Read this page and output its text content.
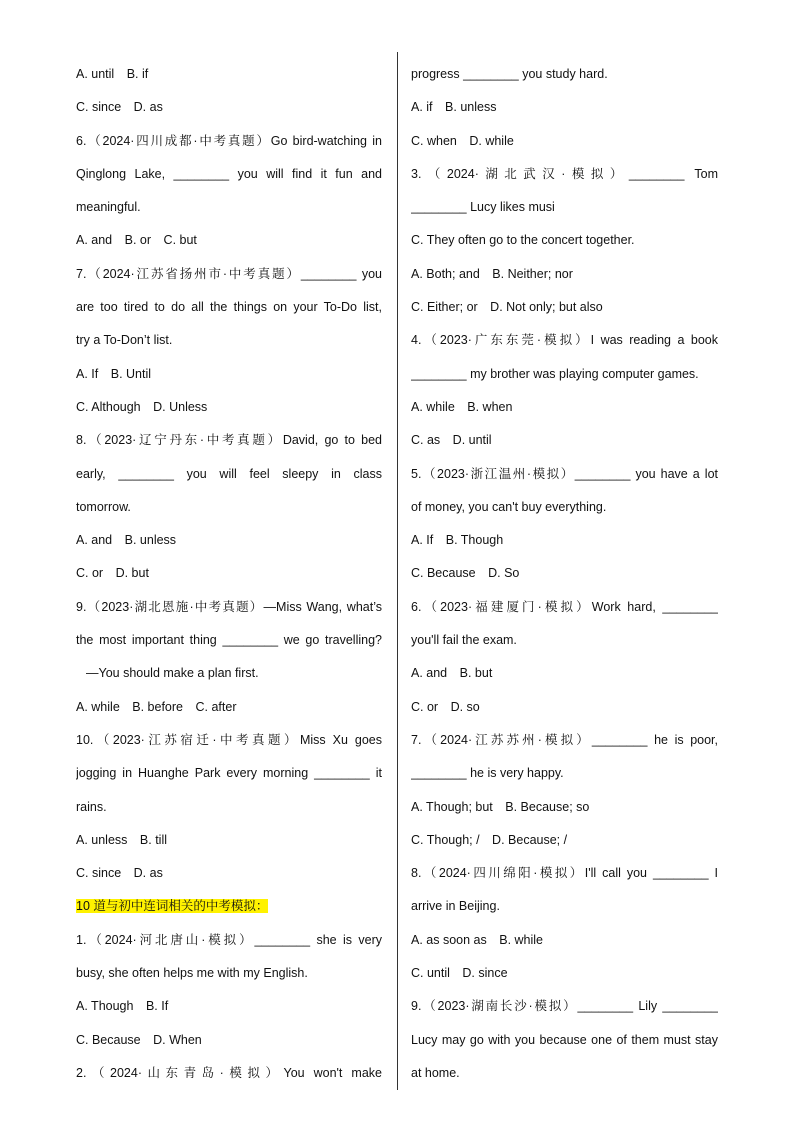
A. until B. if
C. since D. as
6.（2024·四川成都·中考真题）Go bird-watching in
Qinglong Lake, ________ you will find it fun and
meaningful.
A. and B. or C. but
7.（2024·江苏省扬州市·中考真题）________ you
are too tired to do all the things on your To-Do list,
try a To-Don’t list.
A. If B. Until
C. Although D. Unless
8.（2023·辽宁丹东·中考真题）David, go to bed
early, ________ you will feel sleepy in class
tomorrow.
A. and B. unless
C. or D. but
9.（2023·湖北恩施·中考真题）—Miss Wang, what’s
the most important thing ________ we go travelling?
—You should make a plan first.
A. while B. before C. after
10.（2023·江苏宿迁·中考真题）Miss Xu goes
jogging in Huanghe Park every morning ________ it
rains.
A. unless B. till
C. since D. as
10 道与初中连词相关的中考模拟：
1.（2024·河北唐山·模拟）________ she is very
busy, she often helps me with my English.
A. Though B. If
C. Because D. When
2.（2024·山东青岛·模拟）You won't make
progress ________ you study hard.
A. if B. unless
C. when D. while
3.（2024·湖北武汉·模拟）________ Tom
________ Lucy likes musi
C. They often go to the concert together.
A. Both; and B. Neither; nor
C. Either; or D. Not only; but also
4.（2023·广东东莞·模拟）I was reading a book
________ my brother was playing computer games.
A. while B. when
C. as D. until
5.（2023·浙江温州·模拟）________ you have a lot
of money, you can't buy everything.
A. If B. Though
C. Because D. So
6.（2023·福建厦门·模拟）Work hard, ________
you'll fail the exam.
A. and B. but
C. or D. so
7.（2024·江苏苏州·模拟）________ he is poor,
________ he is very happy.
A. Though; but B. Because; so
C. Though; / D. Because; /
8.（2024·四川绵阳·模拟）I'll call you ________ I
arrive in Beijing.
A. as soon as B. while
C. until D. since
9.（2023·湖南长沙·模拟）________ Lily ________
Lucy may go with you because one of them must stay
at home.
